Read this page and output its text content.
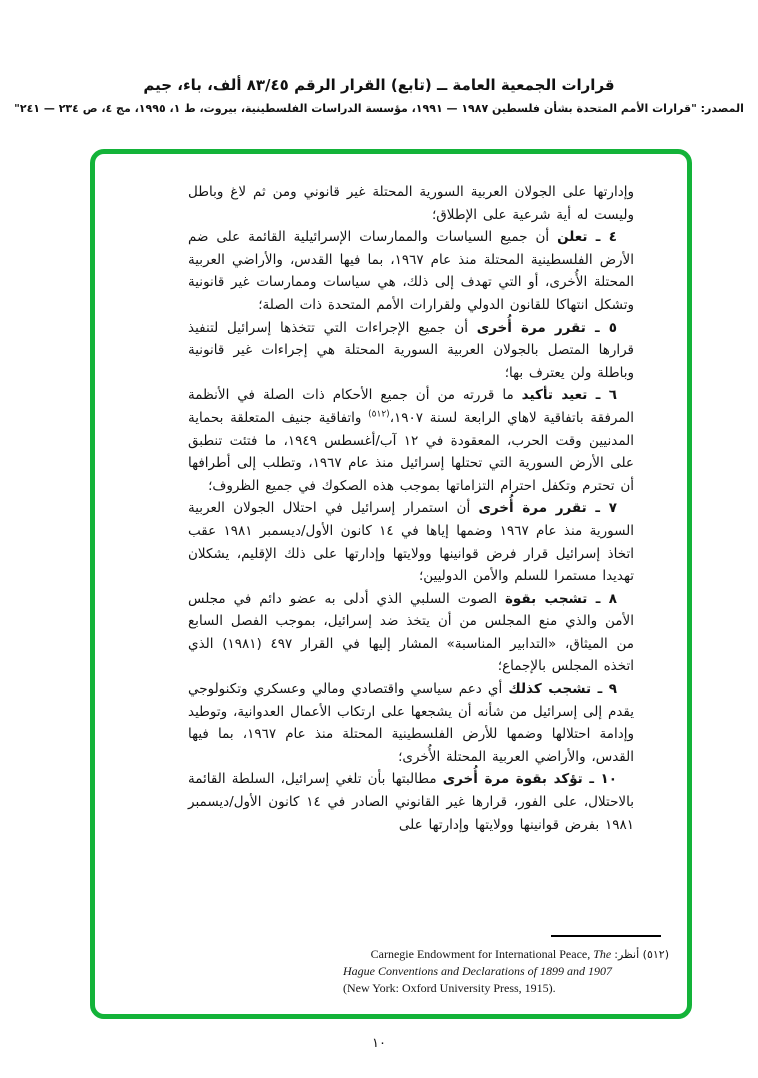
قرارات الجمعية العامة ــ (تابع) القرار الرقم ٨٣/٤٥ ألف، باء، جيم
المصدر: "قرارات الأمم المتحدة بشأن فلسطين ١٩٨٧ — ١٩٩١، مؤسسة الدراسات الفلسطينية، بيروت، ط ١، ١٩٩٥، مج ٤، ص ٢٣٤ — ٢٤١"

وإدارتها على الجولان العربية السورية المحتلة غير قانوني ومن ثم لاغ وباطل وليست له أية شرعية على الإطلاق؛

٤ ـ تعلن أن جميع السياسات والممارسات الإسرائيلية القائمة على ضم الأرض الفلسطينية المحتلة منذ عام ١٩٦٧، بما فيها القدس، والأراضي العربية المحتلة الأُخرى، أو التي تهدف إلى ذلك، هي سياسات وممارسات غير قانونية وتشكل انتهاكا للقانون الدولي ولقرارات الأمم المتحدة ذات الصلة؛

٥ ـ تقرر مرة أُخرى أن جميع الإجراءات التي تتخذها إسرائيل لتنفيذ قرارها المتصل بالجولان العربية السورية المحتلة هي إجراءات غير قانونية وباطلة ولن يعترف بها؛

٦ ـ تعيد تأكيد ما قررته من أن جميع الأحكام ذات الصلة في الأنظمة المرفقة باتفاقية لاهاي الرابعة لسنة ١٩٠٧،$^{(٥١٢)}$ واتفاقية جنيف المتعلقة بحماية المدنيين وقت الحرب، المعقودة في ١٢ آب/أغسطس ١٩٤٩، ما فتئت تنطبق على الأرض السورية التي تحتلها إسرائيل منذ عام ١٩٦٧، وتطلب إلى أطرافها أن تحترم وتكفل احترام التزاماتها بموجب هذه الصكوك في جميع الظروف؛

٧ ـ تقرر مرة أُخرى أن استمرار إسرائيل في احتلال الجولان العربية السورية منذ عام ١٩٦٧ وضمها إياها في ١٤ كانون الأول/ديسمبر ١٩٨١ عقب اتخاذ إسرائيل قرار فرض قوانينها وولايتها وإدارتها على ذلك الإقليم، يشكلان تهديدا مستمرا للسلم والأمن الدوليين؛

٨ ـ تشجب بقوة الصوت السلبي الذي أدلى به عضو دائم في مجلس الأمن والذي منع المجلس من أن يتخذ ضد إسرائيل، بموجب الفصل السابع من الميثاق، «التدابير المناسبة» المشار إليها في القرار ٤٩٧ (١٩٨١) الذي اتخذه المجلس بالإجماع؛

٩ ـ تشجب كذلك أي دعم سياسي واقتصادي ومالي وعسكري وتكنولوجي يقدم إلى إسرائيل من شأنه أن يشجعها على ارتكاب الأعمال العدوانية، وتوطيد وإدامة احتلالها وضمها للأرض الفلسطينية المحتلة منذ عام ١٩٦٧، بما فيها القدس، والأراضي العربية المحتلة الأُخرى؛

١٠ ـ تؤكد بقوة مرة أُخرى مطالبتها بأن تلغي إسرائيل، السلطة القائمة بالاحتلال، على الفور، قرارها غير القانوني الصادر في ١٤ كانون الأول/ديسمبر ١٩٨١ بفرض قوانينها وولايتها وإدارتها على

(٥١٢) أنظر: Carnegie Endowment for International Peace, The
Hague Conventions and Declarations of 1899 and 1907
(New York: Oxford University Press, 1915).
١٠
